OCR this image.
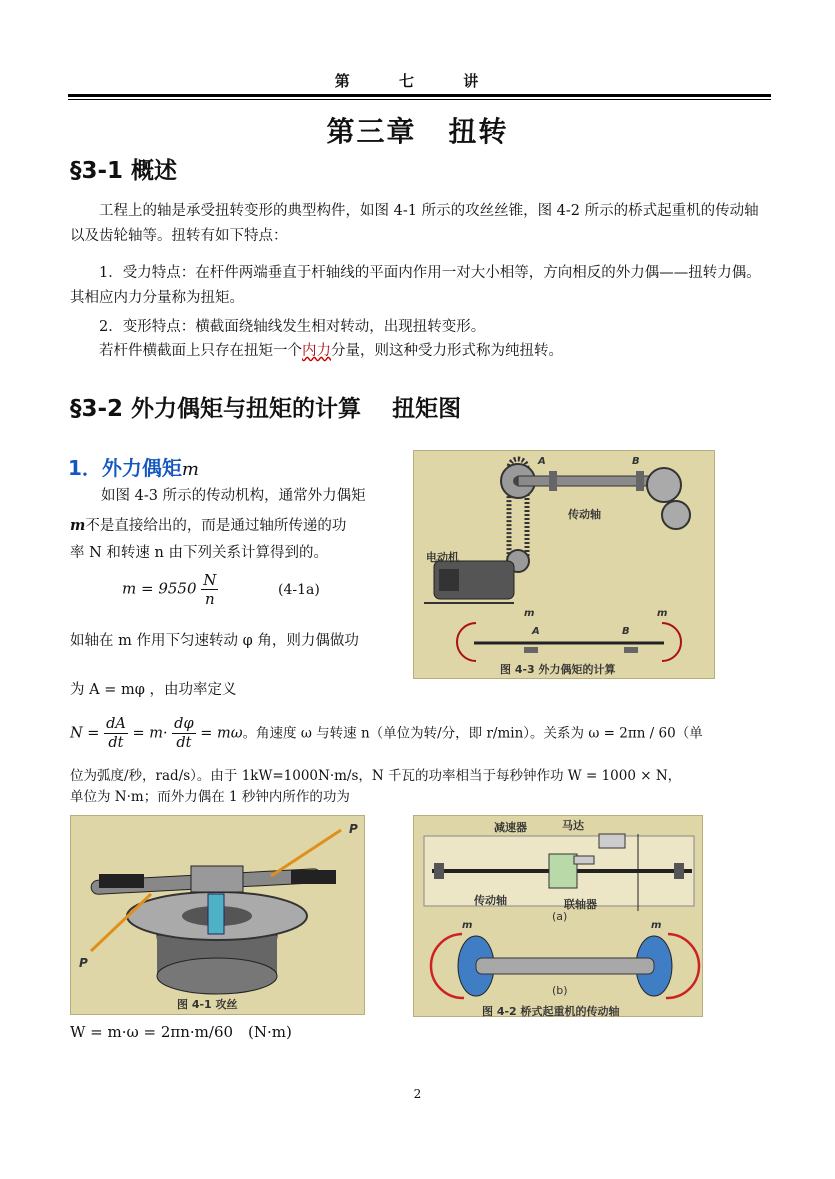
第 七 讲
第三章 扭转
§3-1 概述
工程上的轴是承受扭转变形的典型构件，如图 4-1 所示的攻丝丝锥，图 4-2 所示的桥式起重机的传动轴以及齿轮轴等。扭转有如下特点：
1．受力特点：在杆件两端垂直于杆轴线的平面内作用一对大小相等，方向相反的外力偶——扭转力偶。其相应内力分量称为扭矩。
2．变形特点：横截面绕轴线发生相对转动，出现扭转变形。
若杆件横截面上只存在扭矩一个内力分量，则这种受力形式称为纯扭转。
§3-2 外力偶矩与扭矩的计算　 扭矩图
1．外力偶矩m
如图 4-3 所示的传动机构，通常外力偶矩
m不是直接给出的，而是通过轴所传递的功
率 N 和转速 n 由下列关系计算得到的。
$m = 9550 \frac{N}{n}$	(4-1a)
如轴在 m 作用下匀速转动 φ 角，则力偶做功
为 A = mφ ，由功率定义
$N = \frac{dA}{dt} = m\cdot \frac{d\varphi}{dt} = m\omega$。角速度 ω 与转速 n（单位为转/分，即 r/min）。关系为 ω = 2πn / 60（单
位为弧度/秒，rad/s）。由于 1kW=1000N·m/s，N 千瓦的功率相当于每秒钟作功 W = 1000 × N，
单位为 N·m；而外力偶在 1 秒钟内所作的功为
A	B
传动轴
电动机
m	m
A	B
图 4-3 外力偶矩的计算
P
P
图 4-1 攻丝
减速器	马达
传动轴	联轴器
(a)
m	m
(b)
图 4-2 桥式起重机的传动轴
W = m·ω = 2πn·m/60　(N·m)
2
